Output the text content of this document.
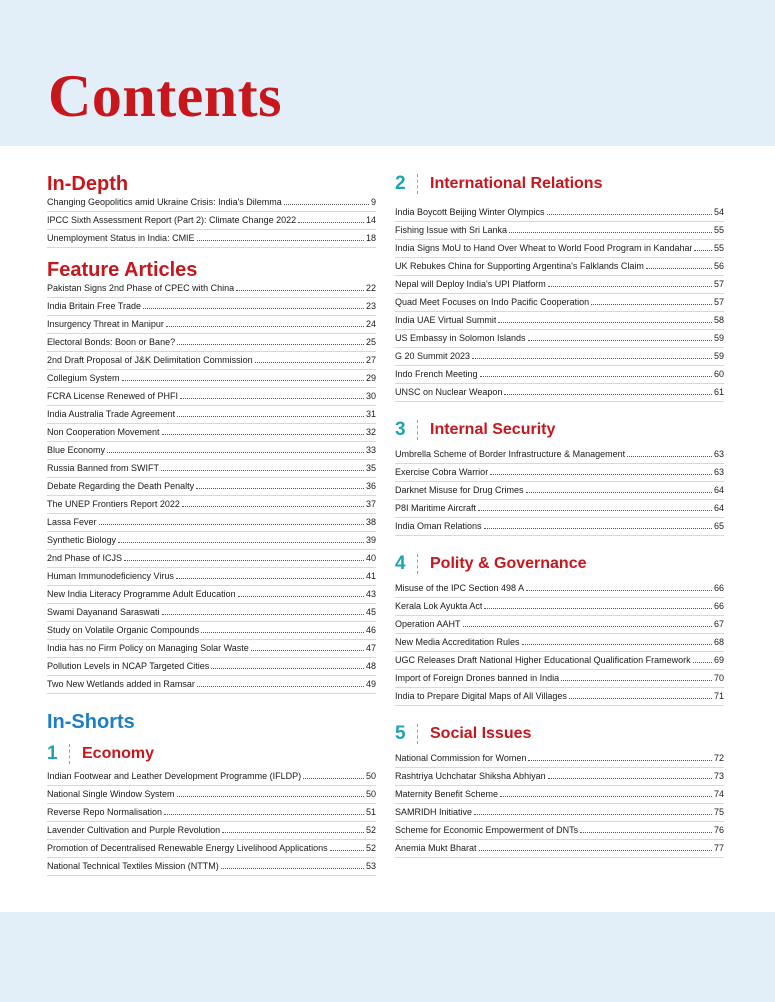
Contents
In-Depth
Changing Geopolitics amid Ukraine Crisis: India's Dilemma	9
IPCC Sixth Assessment Report (Part 2): Climate Change 2022	14
Unemployment Status in India: CMIE	18
Feature Articles
Pakistan Signs 2nd Phase of CPEC with China	22
India Britain Free Trade	23
Insurgency Threat in Manipur	24
Electoral Bonds: Boon or Bane?	25
2nd Draft Proposal of J&K Delimitation Commission	27
Collegium System	29
FCRA License Renewed of PHFI	30
India Australia Trade Agreement	31
Non Cooperation Movement	32
Blue Economy	33
Russia Banned from SWIFT	35
Debate Regarding the Death Penalty	36
The UNEP Frontiers Report 2022	37
Lassa Fever	38
Synthetic Biology	39
2nd Phase of ICJS	40
Human Immunodeficiency Virus	41
New India Literacy Programme Adult Education	43
Swami Dayanand Saraswati	45
Study on Volatile Organic Compounds	46
India has no Firm Policy on Managing Solar Waste	47
Pollution Levels in NCAP Targeted Cities	48
Two New Wetlands added in Ramsar	49
In-Shorts
1	Economy
Indian Footwear and Leather Development Programme (IFLDP)	50
National Single Window System	50
Reverse Repo Normalisation	51
Lavender Cultivation and Purple Revolution	52
Promotion of Decentralised Renewable Energy Livelihood Applications	52
National Technical Textiles Mission (NTTM)	53
2	International Relations
India Boycott Beijing Winter Olympics	54
Fishing Issue with Sri Lanka	55
India Signs MoU to Hand Over Wheat to World Food Program in Kandahar 55
UK Rebukes China for Supporting Argentina's Falklands Claim	56
Nepal will Deploy India's UPI Platform	57
Quad Meet Focuses on Indo Pacific Cooperation	57
India UAE Virtual Summit	58
US Embassy in Solomon Islands	59
G 20 Summit 2023	59
Indo French Meeting	60
UNSC on Nuclear Weapon	61
3	Internal Security
Umbrella Scheme of Border Infrastructure & Management	63
Exercise Cobra Warrior	63
Darknet Misuse for Drug Crimes	64
P8I Maritime Aircraft	64
India Oman Relations	65
4	Polity & Governance
Misuse of the IPC Section 498 A	66
Kerala Lok Ayukta Act	66
Operation AAHT	67
New Media Accreditation Rules	68
UGC Releases Draft National Higher Educational Qualification Framework	69
Import of Foreign Drones banned in India	70
India to Prepare Digital Maps of All Villages	71
5	Social Issues
National Commission for Women	72
Rashtriya Uchchatar Shiksha Abhiyan	73
Maternity Benefit Scheme	74
SAMRIDH Initiative	75
Scheme for Economic Empowerment of DNTs	76
Anemia Mukt Bharat	77
